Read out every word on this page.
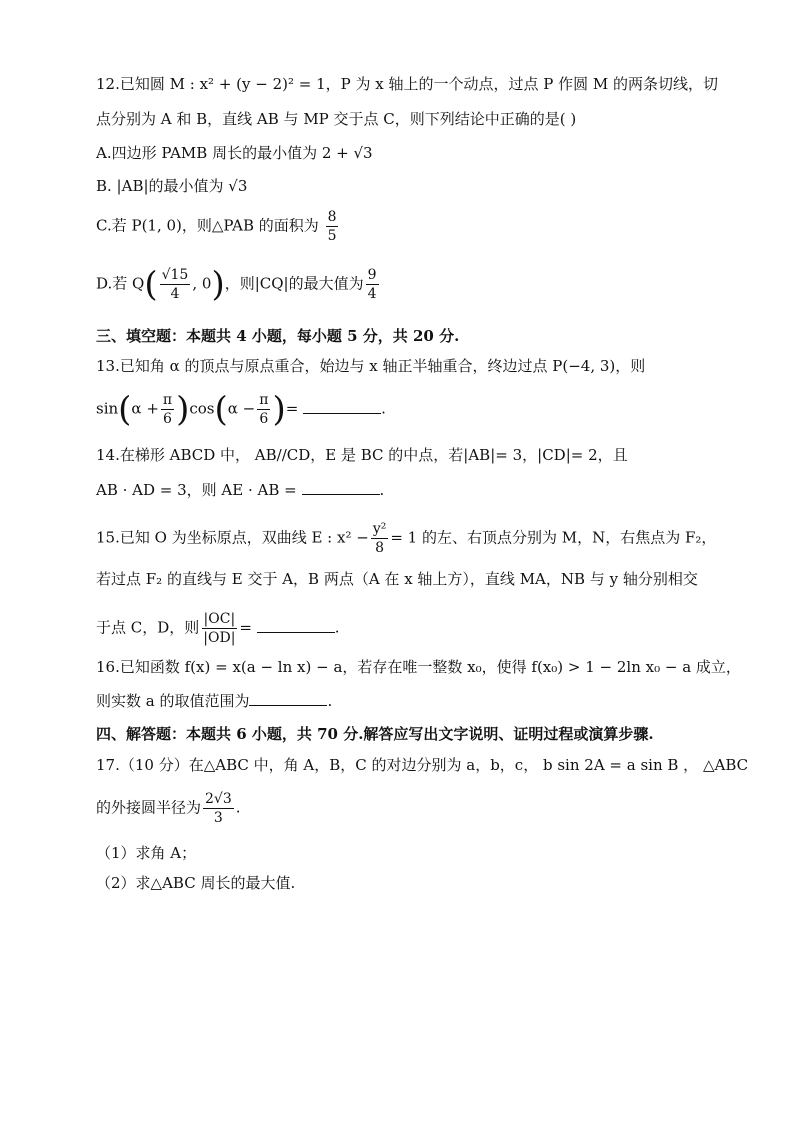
12.已知圆 M : x² + (y − 2)² = 1，P 为 x 轴上的一个动点，过点 P 作圆 M 的两条切线，切
点分别为 A 和 B，直线 AB 与 MP 交于点 C，则下列结论中正确的是( )
A.四边形 PAMB 周长的最小值为 2 + √3
B. |AB|的最小值为 √3
C.若 P(1, 0)，则△PAB 的面积为 $\frac{8}{5}$
D.若 $Q( \frac{√15}{4}$ , 0)，则|CQ|的最大值为 $\frac{9}{4}$
三、填空题：本题共 4 小题，每小题 5 分，共 20 分.
13.已知角 α 的顶点与原点重合，始边与 x 轴正半轴重合，终边过点 P(−4, 3)，则
$\sin(\alpha + \frac{\pi}{6} )\cos(\alpha - \frac{\pi}{6}$ )=	.
14.在梯形 ABCD 中， AB//CD，E 是 BC 的中点，若|AB|= 3，|CD|= 2，且
AB · AD = 3，则 AE · AB =	.
15.已知 O 为坐标原点，双曲线 E : $x^2 - \frac{\text{y²}}{8} = 1$ 的左、右顶点分别为 M，N，右焦点为 F₂，
若过点 F₂ 的直线与 E 交于 A，B 两点（A 在 x 轴上方），直线 MA，NB 与 y 轴分别相交
于点 C，D，则 $\frac{|OC|}{|OD|}$ =	.
16.已知函数 f(x) = x(a − ln x) − a，若存在唯一整数 x₀，使得 f(x₀) > 1 − 2ln x₀ − a 成立，
则实数 a 的取值范围为	.
四、解答题：本题共 6 小题，共 70 分.解答应写出文字说明、证明过程或演算步骤.
17.（10 分）在△ABC 中，角 A，B，C 的对边分别为 a，b，c， b sin 2A = a sin B ， △ABC
的外接圆半径为 $\frac{2√3}{3}$ .
（1）求角 A；
（2）求△ABC 周长的最大值.
